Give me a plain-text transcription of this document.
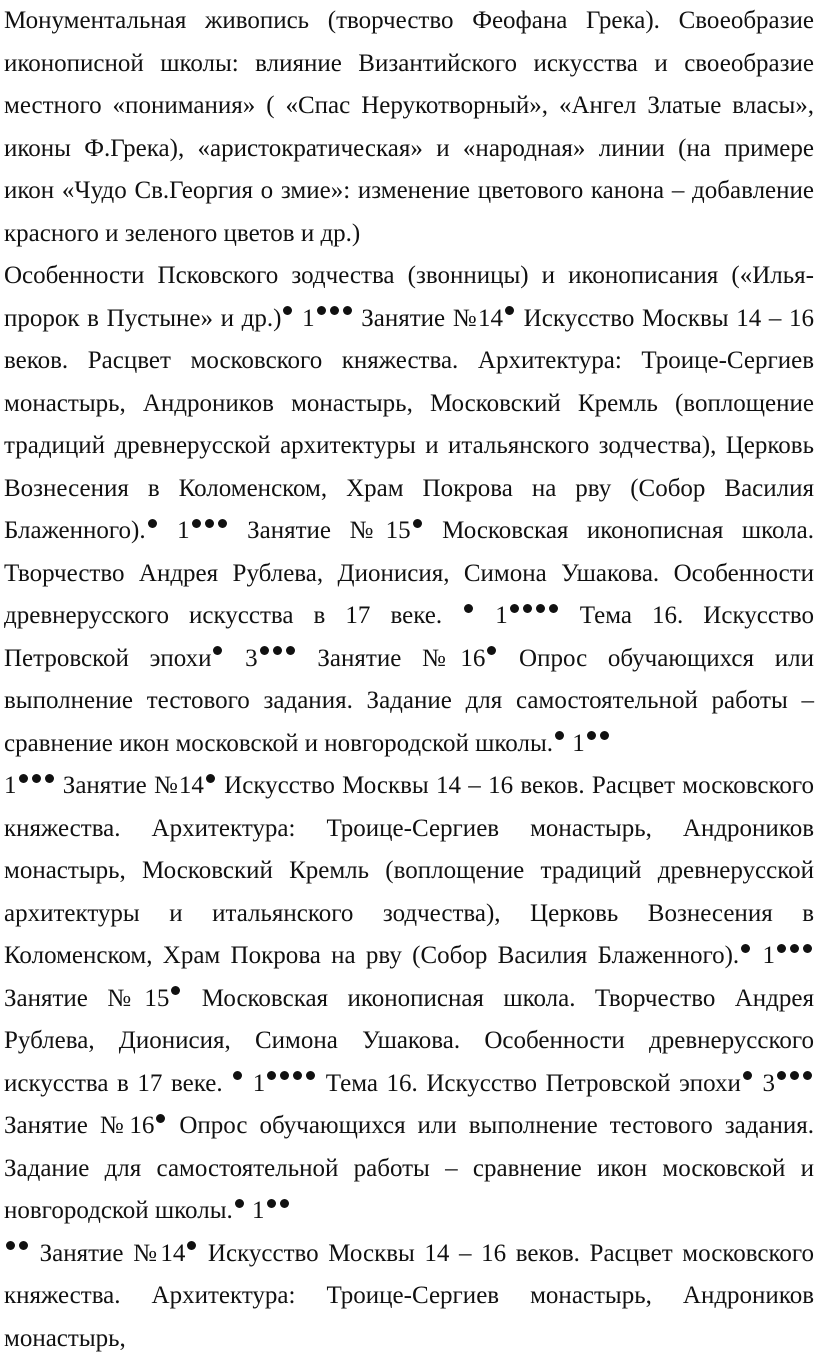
Монументальная живопись (творчество Феофана Грека). Своеобразие иконописной школы: влияние Византийского искусства и своеобразие местного «понимания» ( «Спас Нерукотворный», «Ангел Златые власы», иконы Ф.Грека), «аристократическая» и «народная» линии (на примере икон «Чудо Св.Георгия о змие»: изменение цветового канона – добавление красного и зеленого цветов и др.)

Особенности Псковского зодчества (звонницы) и иконописания («Илья-пророк в Пустыне» и др.) 1 Занятие №14 Искусство Москвы 14 – 16 веков. Расцвет московского княжества. Архитектура: Троице-Сергиев монастырь, Андроников монастырь, Московский Кремль (воплощение традиций древнерусской архитектуры и итальянского зодчества), Церковь Вознесения в Коломенском, Храм Покрова на рву (Собор Василия Блаженного). 1 Занятие №15 Московская иконописная школа. Творчество Андрея Рублева, Дионисия, Симона Ушакова. Особенности древнерусского искусства в 17 веке.  1 Тема 16. Искусство Петровской эпохи 3 Занятие №16 Опрос обучающихся или выполнение тестового задания. Задание для самостоятельной работы – сравнение икон московской и новгородской школы. 1

1 Занятие №14 Искусство Москвы 14 – 16 веков. Расцвет московского княжества. Архитектура: Троице-Сергиев монастырь, Андроников монастырь, Московский Кремль (воплощение традиций древнерусской архитектуры и итальянского зодчества), Церковь Вознесения в Коломенском, Храм Покрова на рву (Собор Василия Блаженного). 1 Занятие №15 Московская иконописная школа. Творчество Андрея Рублева, Дионисия, Симона Ушакова. Особенности древнерусского искусства в 17 веке.  1 Тема 16. Искусство Петровской эпохи 3 Занятие №16 Опрос обучающихся или выполнение тестового задания. Задание для самостоятельной работы – сравнение икон московской и новгородской школы. 1

Занятие №14 Искусство Москвы 14 – 16 веков. Расцвет московского княжества. Архитектура: Троице-Сергиев монастырь, Андроников монастырь,
